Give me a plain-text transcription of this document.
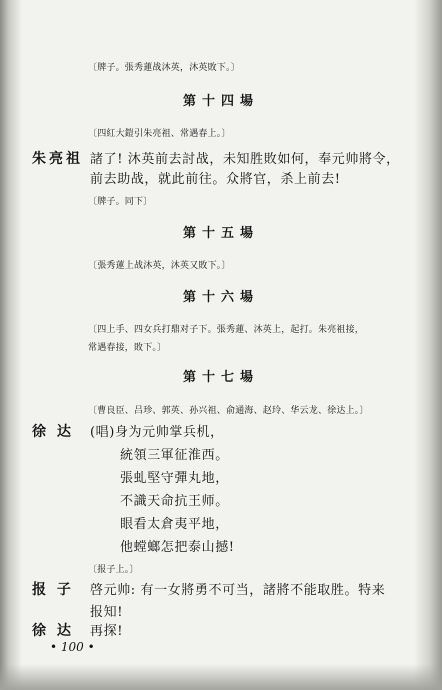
〔牌子。張秀蓮战沐英，沐英敗下。〕
第十四場
〔四紅大鎧引朱亮祖、常遇春上。〕
朱亮祖 諸了! 沐英前去討战，未知胜敗如何，奉元帅將令，
前去助战，就此前往。众將官，杀上前去!
〔牌子。同下〕
第十五場
〔張秀蓮上战沐英，沐英又敗下。〕
第十六場
〔四上手、四女兵打鼎对子下。張秀蓮、沐英上，起打。朱亮祖接，
常遇春接，敗下。〕
第十七場
〔曹良臣、吕珍、郭英、孙兴祖、俞通海、赵玲、华云龙、徐达上。〕
徐 达 (唱)身为元帅掌兵机，
統領三軍征淮西。
張虬堅守彈丸地，
不識天命抗王师。
眼看太倉夷平地，
他螳螂怎把泰山撼!
〔报子上。〕
报 子 啓元帅: 有一女將勇不可当，諸將不能取胜。特来
报知!
徐 达 再探!
• 100 •
